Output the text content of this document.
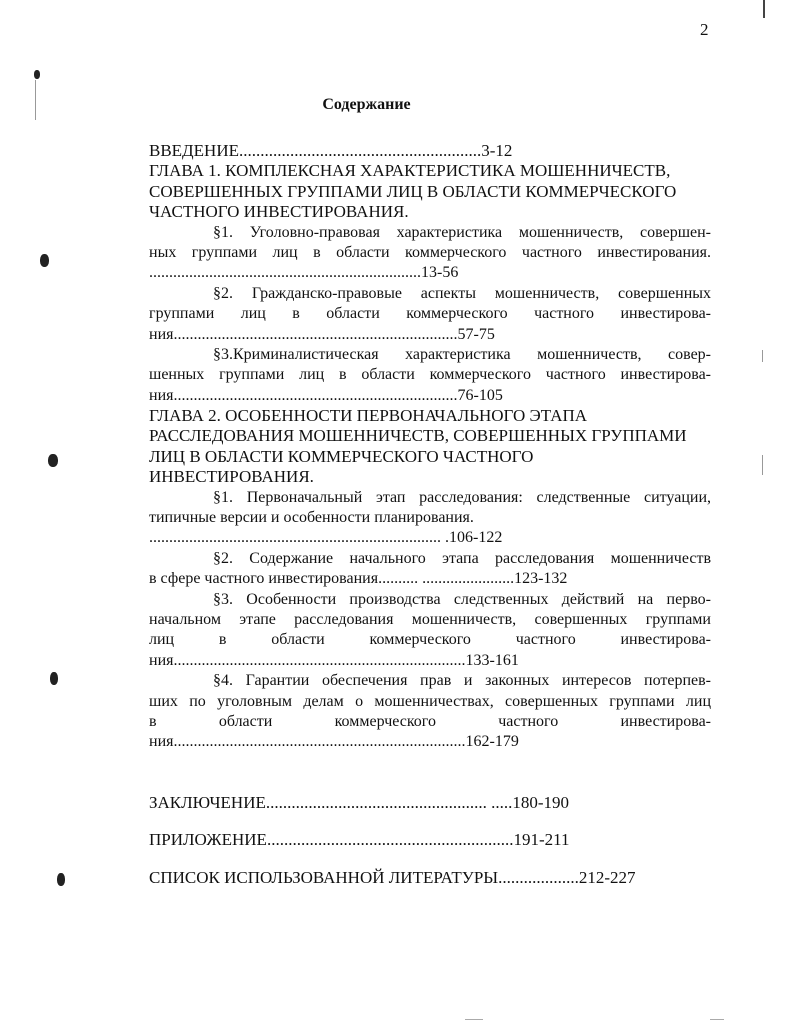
2
Содержание
ВВЕДЕНИЕ.........................................................3-12
ГЛАВА 1. КОМПЛЕКСНАЯ ХАРАКТЕРИСТИКА МОШЕННИЧЕСТВ,
СОВЕРШЕННЫХ ГРУППАМИ ЛИЦ В ОБЛАСТИ КОММЕРЧЕСКОГО
ЧАСТНОГО ИНВЕСТИРОВАНИЯ.
§1. Уголовно-правовая характеристика мошенничеств, совершен-
ных группами лиц в области коммерческого частного инвестирования.
....................................................................13-56
§2. Гражданско-правовые аспекты мошенничеств, совершенных
группами лиц в области коммерческого частного инвестирова-
ния.......................................................................57-75
§3.Криминалистическая характеристика мошенничеств, совер-
шенных группами лиц в области коммерческого частного инвестирова-
ния.......................................................................76-105
ГЛАВА 2. ОСОБЕННОСТИ ПЕРВОНАЧАЛЬНОГО ЭТАПА
РАССЛЕДОВАНИЯ МОШЕННИЧЕСТВ, СОВЕРШЕННЫХ ГРУППАМИ
ЛИЦ В ОБЛАСТИ КОММЕРЧЕСКОГО ЧАСТНОГО
ИНВЕСТИРОВАНИЯ.
§1. Первоначальный этап расследования: следственные ситуации,
типичные версии и особенности планирования.
......................................................................... .106-122
§2. Содержание начального этапа расследования мошенничеств
в сфере частного инвестирования.......... .......................123-132
§3. Особенности производства следственных действий на перво-
начальном этапе расследования мошенничеств, совершенных группами
лиц в области коммерческого частного инвестирова-
ния.........................................................................133-161
§4. Гарантии обеспечения прав и законных интересов потерпев-
ших по уголовным делам о мошенничествах, совершенных группами лиц
в области коммерческого частного инвестирова-
ния.........................................................................162-179
ЗАКЛЮЧЕНИЕ.................................................... .....180-190
ПРИЛОЖЕНИЕ..........................................................191-211
СПИСОК ИСПОЛЬЗОВАННОЙ ЛИТЕРАТУРЫ...................212-227
